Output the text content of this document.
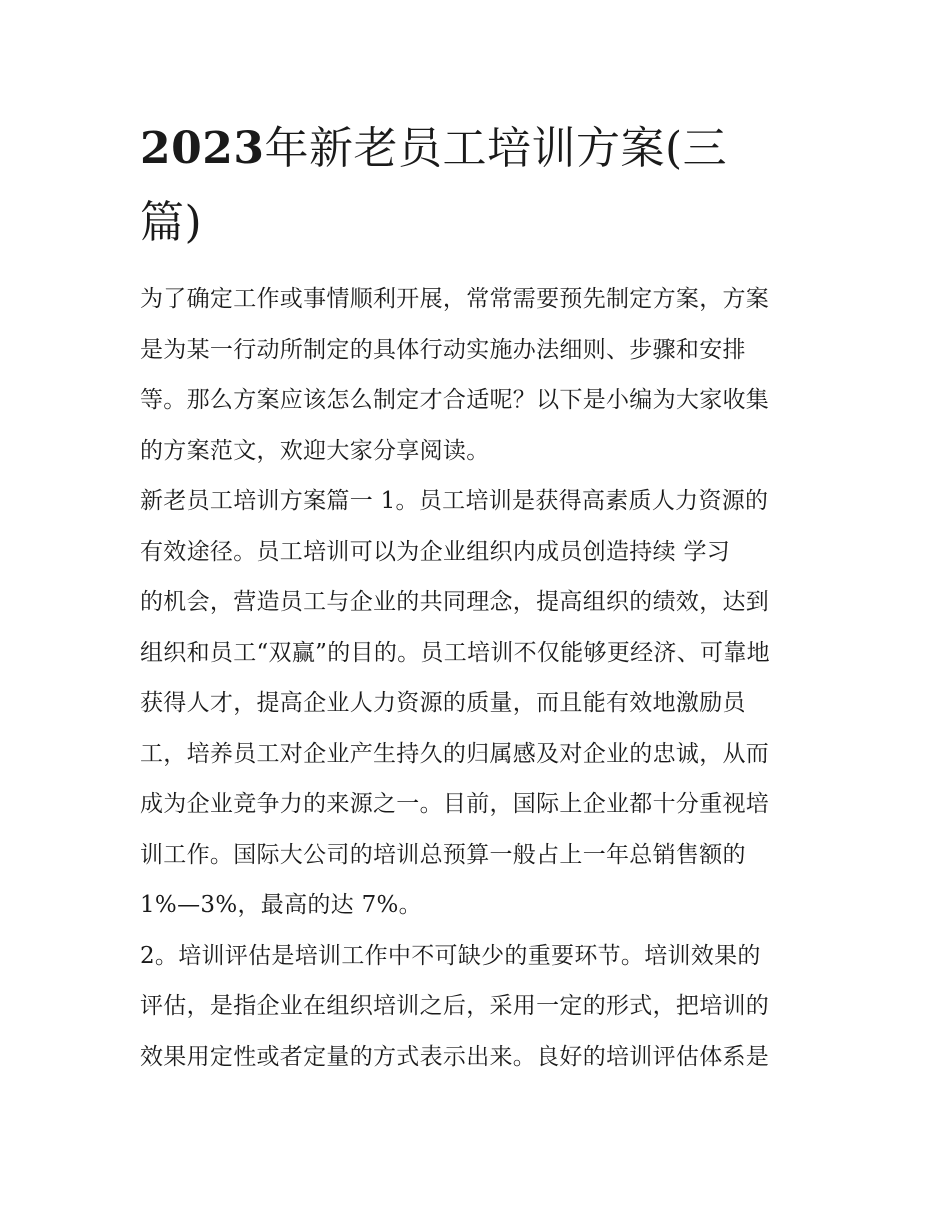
2023年新老员工培训方案(三
篇)
为了确定工作或事情顺利开展，常常需要预先制定方案，方案
是为某一行动所制定的具体行动实施办法细则、步骤和安排
等。那么方案应该怎么制定才合适呢？以下是小编为大家收集
的方案范文，欢迎大家分享阅读。
新老员工培训方案篇一 1。员工培训是获得高素质人力资源的
有效途径。员工培训可以为企业组织内成员创造持续 学习
的机会，营造员工与企业的共同理念，提高组织的绩效，达到
组织和员工“双赢”的目的。员工培训不仅能够更经济、可靠地
获得人才，提高企业人力资源的质量，而且能有效地激励员
工，培养员工对企业产生持久的归属感及对企业的忠诚，从而
成为企业竞争力的来源之一。目前，国际上企业都十分重视培
训工作。国际大公司的培训总预算一般占上一年总销售额的
1%—3%，最高的达 7%。
2。培训评估是培训工作中不可缺少的重要环节。培训效果的
评估，是指企业在组织培训之后，采用一定的形式，把培训的
效果用定性或者定量的方式表示出来。良好的培训评估体系是
